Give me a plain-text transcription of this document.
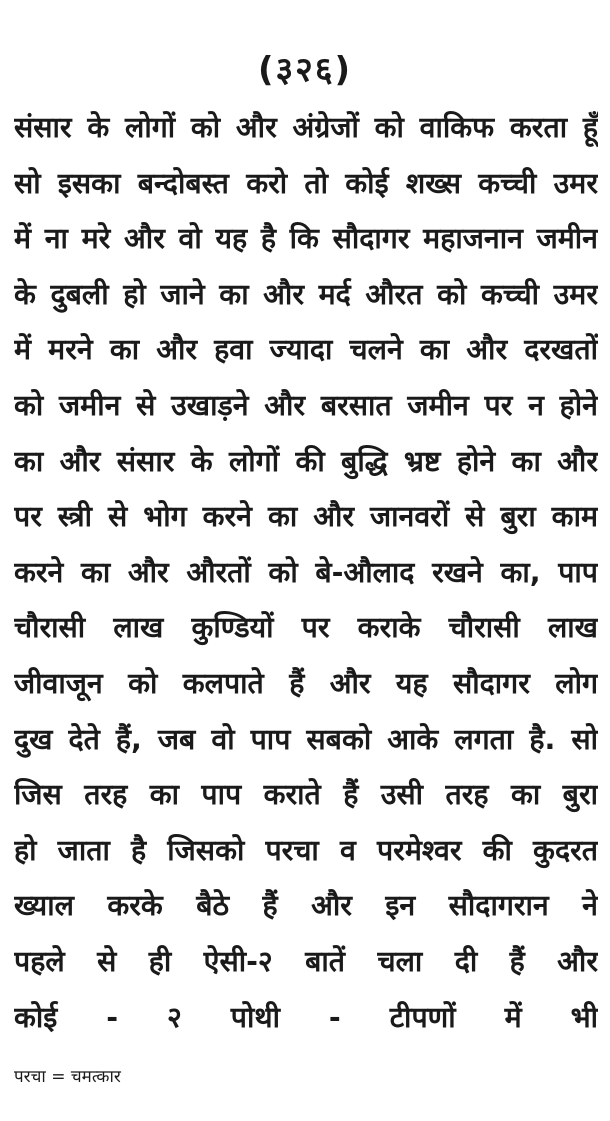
(३२६)
संसार के लोगों को और अंग्रेजों को वाकिफ करता हूँ
सो इसका बन्दोबस्त करो तो कोई शख्स कच्ची उमर
में ना मरे और वो यह है कि सौदागर महाजनान जमीन
के दुबली हो जाने का और मर्द औरत को कच्ची उमर
में मरने का और हवा ज्यादा चलने का और दरखतों
को जमीन से उखाड़ने और बरसात जमीन पर न होने
का और संसार के लोगों की बुद्धि भ्रष्ट होने का और
पर स्त्री से भोग करने का और जानवरों से बुरा काम
करने का और औरतों को बे-औलाद रखने का, पाप
चौरासी लाख कुण्डियों पर कराके चौरासी लाख
जीवाजून को कलपाते हैं और यह सौदागर लोग
दुख देते हैं, जब वो पाप सबको आके लगता है. सो
जिस तरह का पाप कराते हैं उसी तरह का बुरा
हो जाता है जिसको परचा व परमेश्वर की कुदरत
ख्याल करके बैठे हैं और इन सौदागरान ने
पहले से ही ऐसी-२ बातें चला दी हैं और
कोई - २ पोथी - टीपणों में भी
परचा = चमत्कार
